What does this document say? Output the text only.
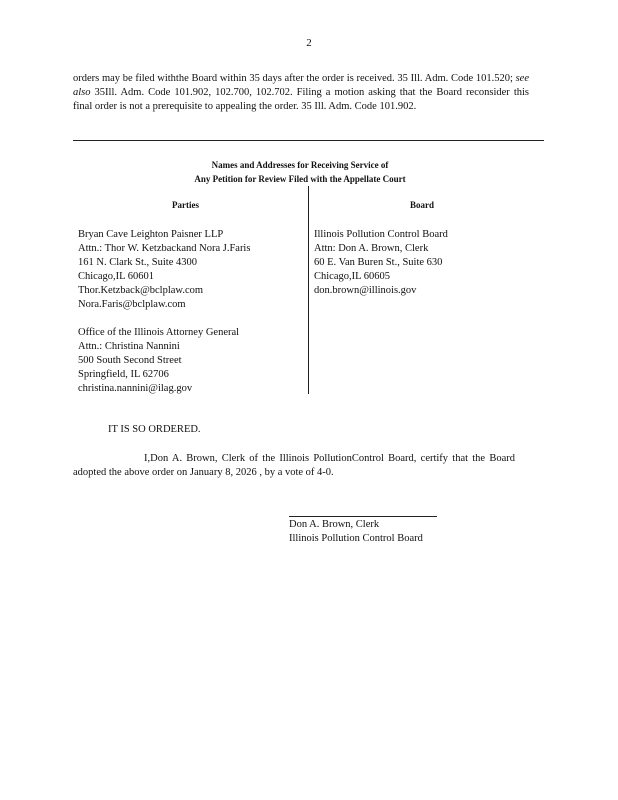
2
orders may be filed withthe Board within 35 days after the order is received. 35 Ill. Adm. Code 101.520; see also 35Ill. Adm. Code 101.902, 102.700, 102.702. Filing a motion asking that the Board reconsider this final order is not a prerequisite to appealing the order. 35 Ill. Adm. Code 101.902.
Names and Addresses for Receiving Service of
Any Petition for Review Filed with the Appellate Court
Parties	Board
Bryan Cave Leighton Paisner LLP
Attn.: Thor W. Ketzbackand Nora J.Faris
161 N. Clark St., Suite 4300
Chicago,IL 60601
Thor.Ketzback@bclplaw.com
Nora.Faris@bclplaw.com
Office of the Illinois Attorney General
Attn.: Christina Nannini
500 South Second Street
Springfield, IL 62706
christina.nannini@ilag.gov
Illinois Pollution Control Board
Attn: Don A. Brown, Clerk
60 E. Van Buren St., Suite 630
Chicago,IL 60605
don.brown@illinois.gov
IT IS SO ORDERED.
I,Don A. Brown, Clerk of the Illinois PollutionControl Board, certify that the Board adopted the above order on January 8, 2026 , by a vote of 4-0.
Don A. Brown, Clerk
Illinois Pollution Control Board
